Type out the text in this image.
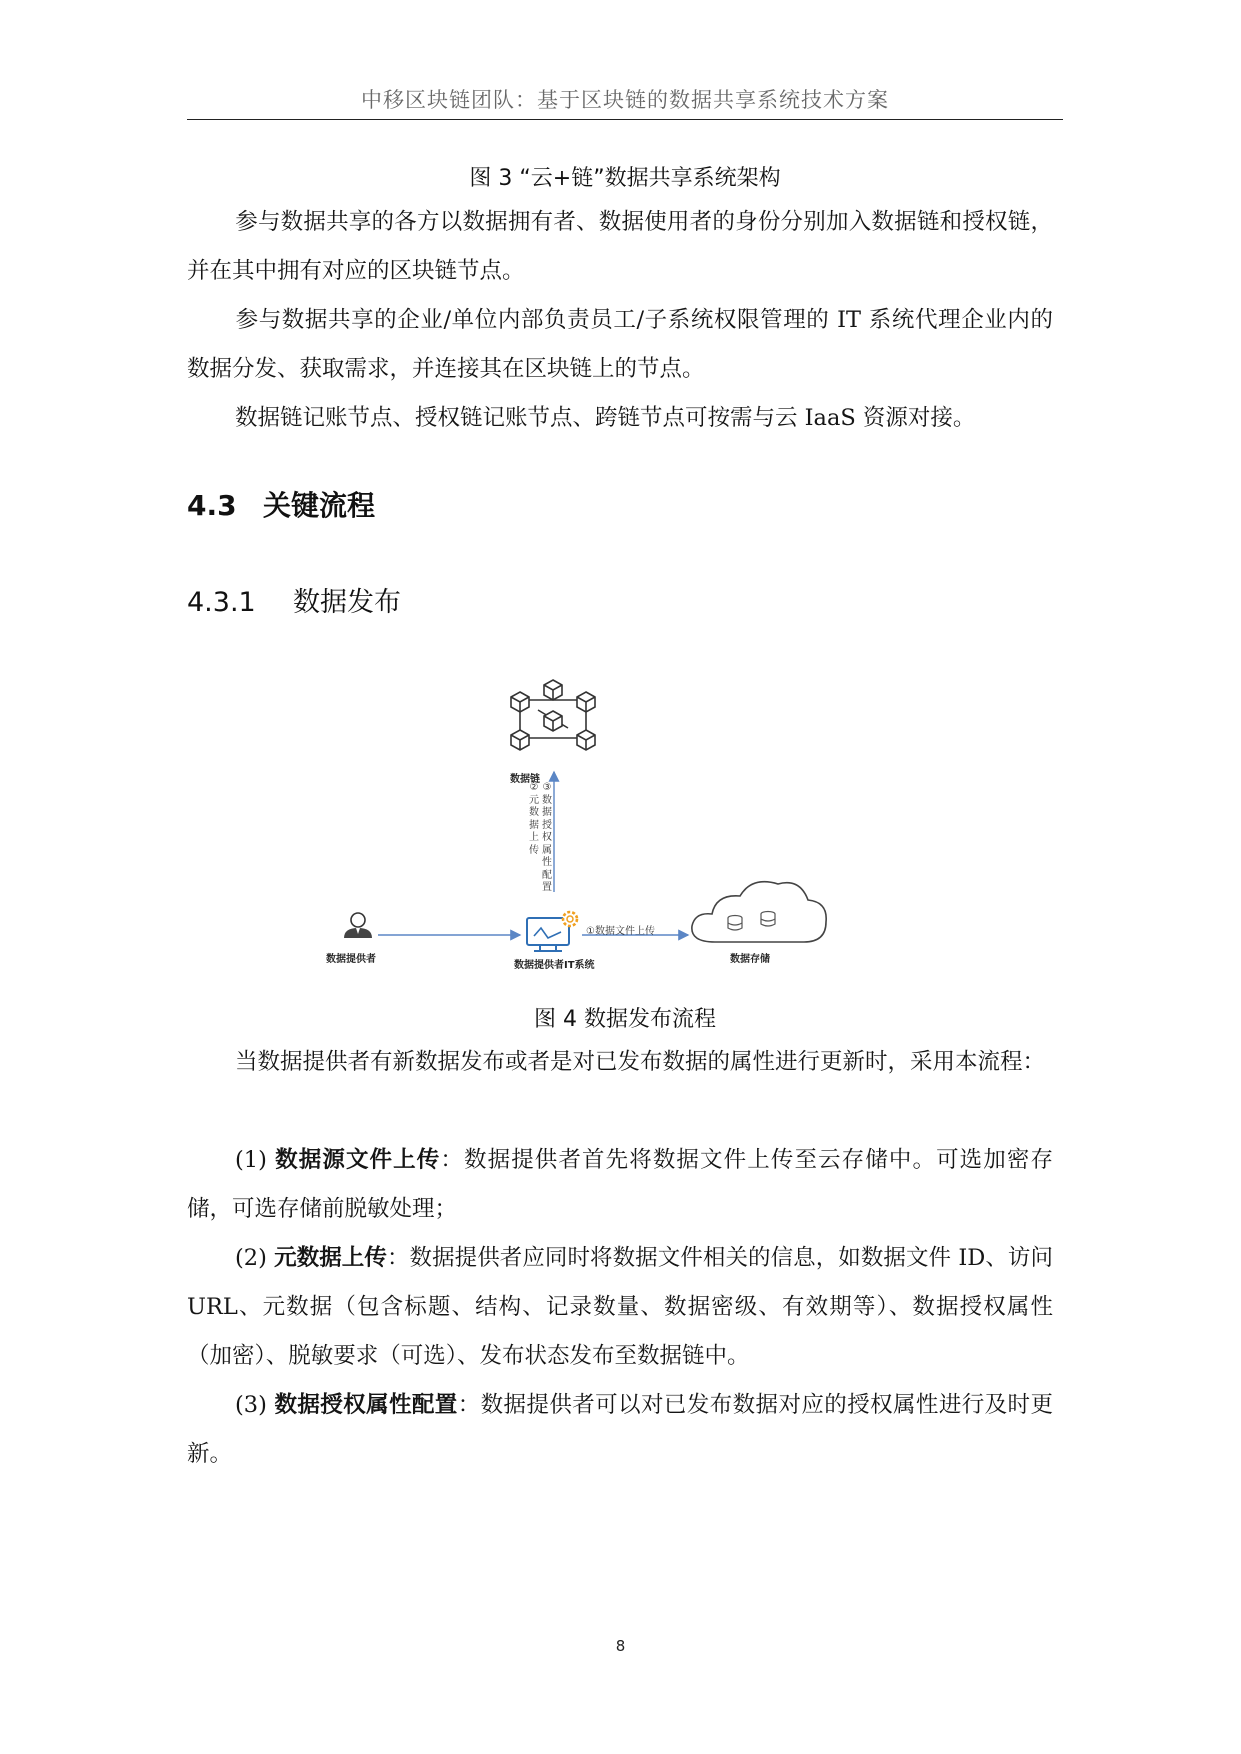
中移区块链团队：基于区块链的数据共享系统技术方案
图 3 “云+链”数据共享系统架构
参与数据共享的各方以数据拥有者、数据使用者的身份分别加入数据链和授权链，并在其中拥有对应的区块链节点。
参与数据共享的企业/单位内部负责员工/子系统权限管理的 IT 系统代理企业内的数据分发、获取需求，并连接其在区块链上的节点。
数据链记账节点、授权链记账节点、跨链节点可按需与云 IaaS 资源对接。
4.3 关键流程
4.3.1 数据发布
数据链
②元数据上传
③数据授权属性配置
①数据文件上传
数据提供者
数据提供者IT系统
数据存储
图 4 数据发布流程
当数据提供者有新数据发布或者是对已发布数据的属性进行更新时，采用本流程：
(1) 数据源文件上传：数据提供者首先将数据文件上传至云存储中。可选加密存储，可选存储前脱敏处理；
(2) 元数据上传：数据提供者应同时将数据文件相关的信息，如数据文件 ID、访问 URL、元数据（包含标题、结构、记录数量、数据密级、有效期等）、数据授权属性（加密）、脱敏要求（可选）、发布状态发布至数据链中。
(3) 数据授权属性配置：数据提供者可以对已发布数据对应的授权属性进行及时更新。
8
